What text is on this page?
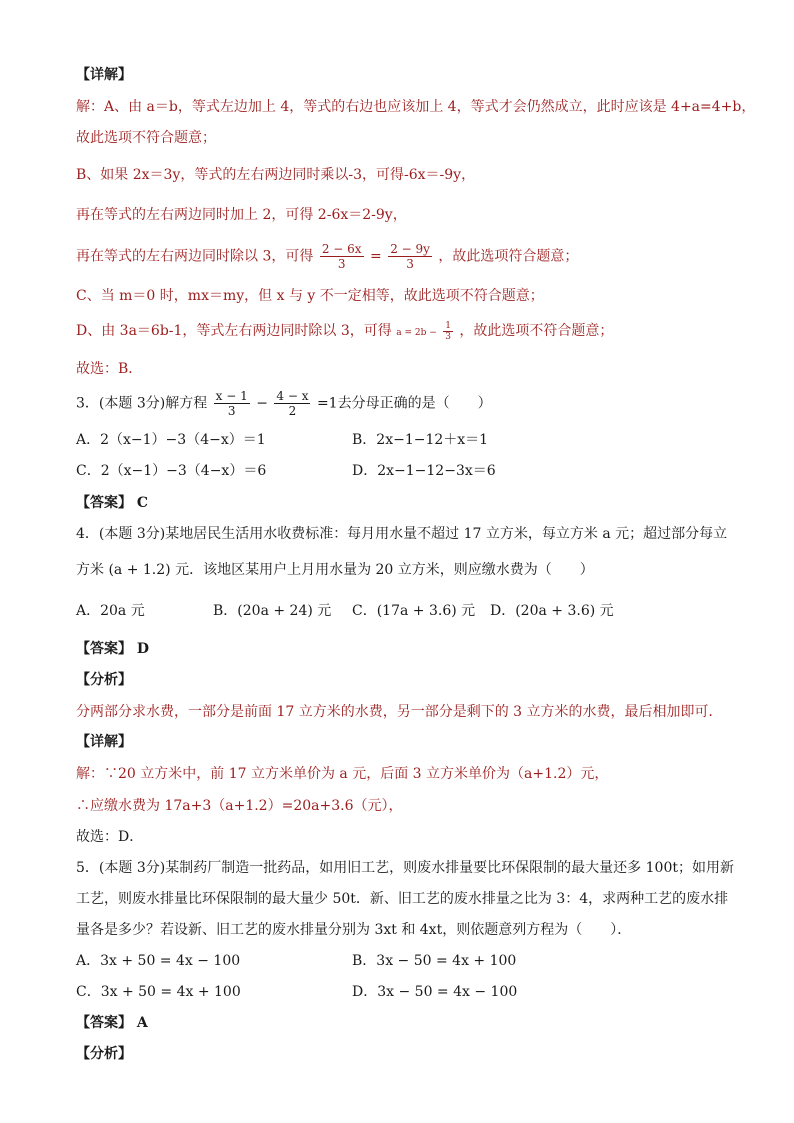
【详解】
解：A、由 a＝b，等式左边加上 4，等式的右边也应该加上 4，等式才会仍然成立，此时应该是 4+a=4+b，
故此选项不符合题意；
B、如果 2x＝3y，等式的左右两边同时乘以-3，可得-6x＝-9y，
再在等式的左右两边同时加上 2，可得 2-6x＝2-9y，
再在等式的左右两边同时除以 3，可得 $\frac{2 - 6x}{3} = \frac{2 - 9y}{3}$ ，故此选项符合题意；
C、当 m＝0 时，mx＝my，但 x 与 y 不一定相等，故此选项不符合题意；
D、由 3a＝6b-1，等式左右两边同时除以 3，可得 $a = 2b - \frac{1}{3}$ ，故此选项不符合题意；
故选：B．
3．(本题 3分)解方程 $\frac{x - 1}{3} - \frac{4 - x}{2} =1$去分母正确的是（　　）
A．2（x−1）−3（4−x）＝1	B．2x−1−12＋x＝1
C．2（x−1）−3（4−x）＝6	D．2x−1−12−3x＝6
【答案】 C
4．(本题 3分)某地居民生活用水收费标准：每月用水量不超过 17 立方米，每立方米 a 元；超过部分每立
方米 (a + 1.2) 元．该地区某用户上月用水量为 20 立方米，则应缴水费为（　　）
A．20a 元	B．(20a + 24) 元 C．(17a + 3.6) 元 D．(20a + 3.6) 元
【答案】 D
【分析】
分两部分求水费，一部分是前面 17 立方米的水费，另一部分是剩下的 3 立方米的水费，最后相加即可．
【详解】
解：∵20 立方米中，前 17 立方米单价为 a 元，后面 3 立方米单价为（a+1.2）元，
∴应缴水费为 17a+3（a+1.2）=20a+3.6（元），
故选：D．
5．(本题 3分)某制药厂制造一批药品，如用旧工艺，则废水排量要比环保限制的最大量还多 100t；如用新
工艺，则废水排量比环保限制的最大量少 50t．新、旧工艺的废水排量之比为 3：4，求两种工艺的废水排
量各是多少？若设新、旧工艺的废水排量分别为 3xt 和 4xt，则依题意列方程为（　　）．
A．3x + 50 = 4x − 100	B．3x − 50 = 4x + 100
C．3x + 50 = 4x + 100	D．3x − 50 = 4x − 100
【答案】 A
【分析】
